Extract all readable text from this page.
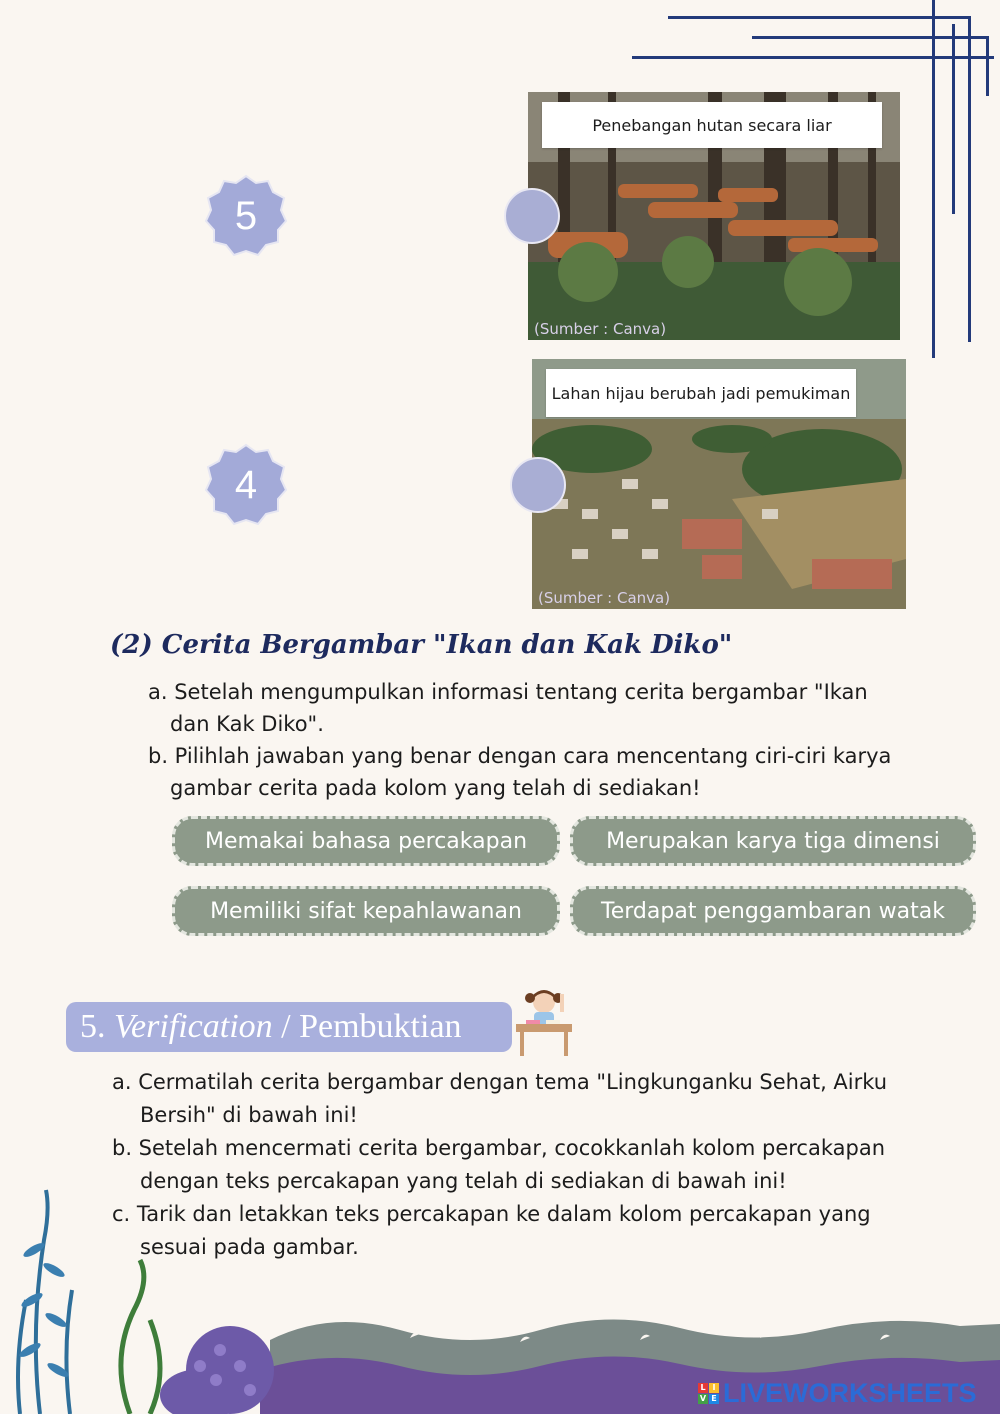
5
4
Penebangan hutan secara liar
(Sumber : Canva)
Lahan hijau berubah jadi pemukiman
(Sumber : Canva)
(2) Cerita Bergambar "Ikan dan Kak Diko"
a. Setelah mengumpulkan informasi tentang cerita bergambar "Ikan
dan Kak Diko".
b. Pilihlah jawaban yang benar dengan cara mencentang ciri-ciri karya
gambar cerita pada kolom yang telah di sediakan!
Memakai bahasa percakapan	Merupakan karya tiga dimensi
Memiliki sifat kepahlawanan	Terdapat penggambaran watak
5.
Verification
/ Pembuktian
a. Cermatilah cerita bergambar dengan tema "Lingkunganku Sehat, Airku
Bersih" di bawah ini!
b. Setelah mencermati cerita bergambar, cocokkanlah kolom percakapan
dengan teks percakapan yang telah di sediakan di bawah ini!
c. Tarik dan letakkan teks percakapan ke dalam kolom percakapan yang
sesuai pada gambar.
L I
V E LIVEWORKSHEETS
